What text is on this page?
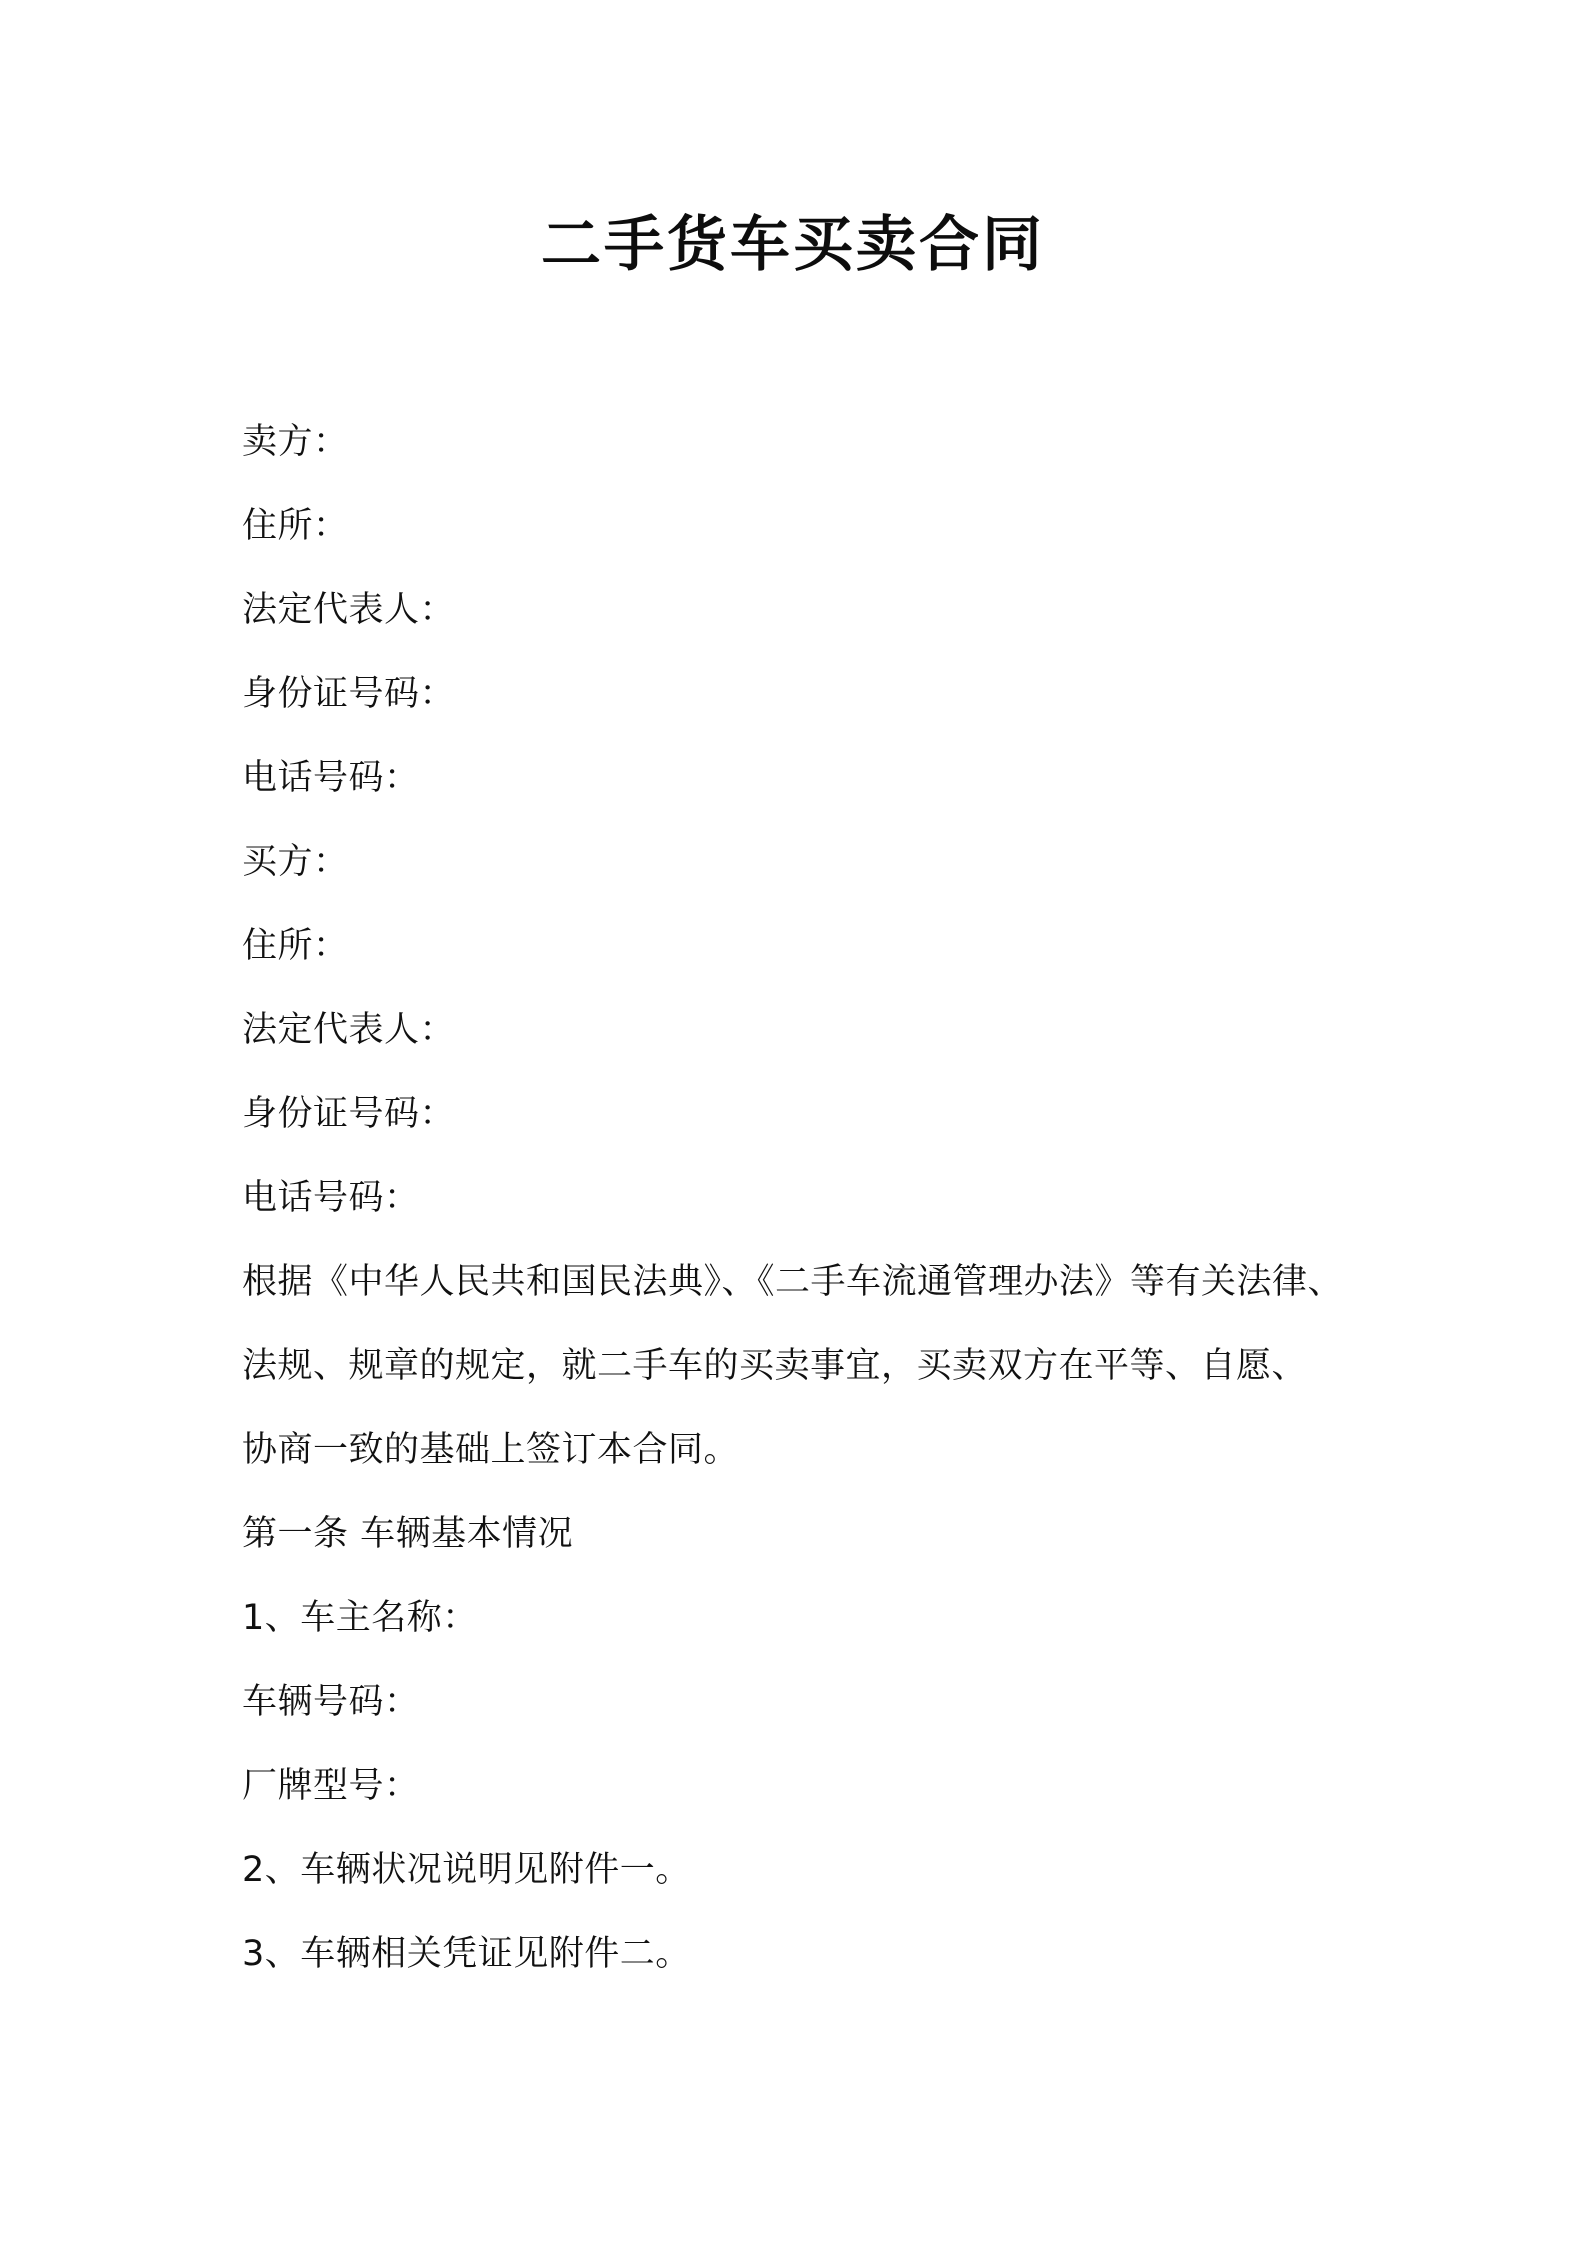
二手货车买卖合同
卖方：
住所：
法定代表人：
身份证号码：
电话号码：
买方：
住所：
法定代表人：
身份证号码：
电话号码：
根据《中华人民共和国民法典》、《二手车流通管理办法》等有关法律、
法规、规章的规定，就二手车的买卖事宜，买卖双方在平等、自愿、
协商一致的基础上签订本合同。
第一条 车辆基本情况
1、车主名称：
车辆号码：
厂牌型号：
2、车辆状况说明见附件一。
3、车辆相关凭证见附件二。
